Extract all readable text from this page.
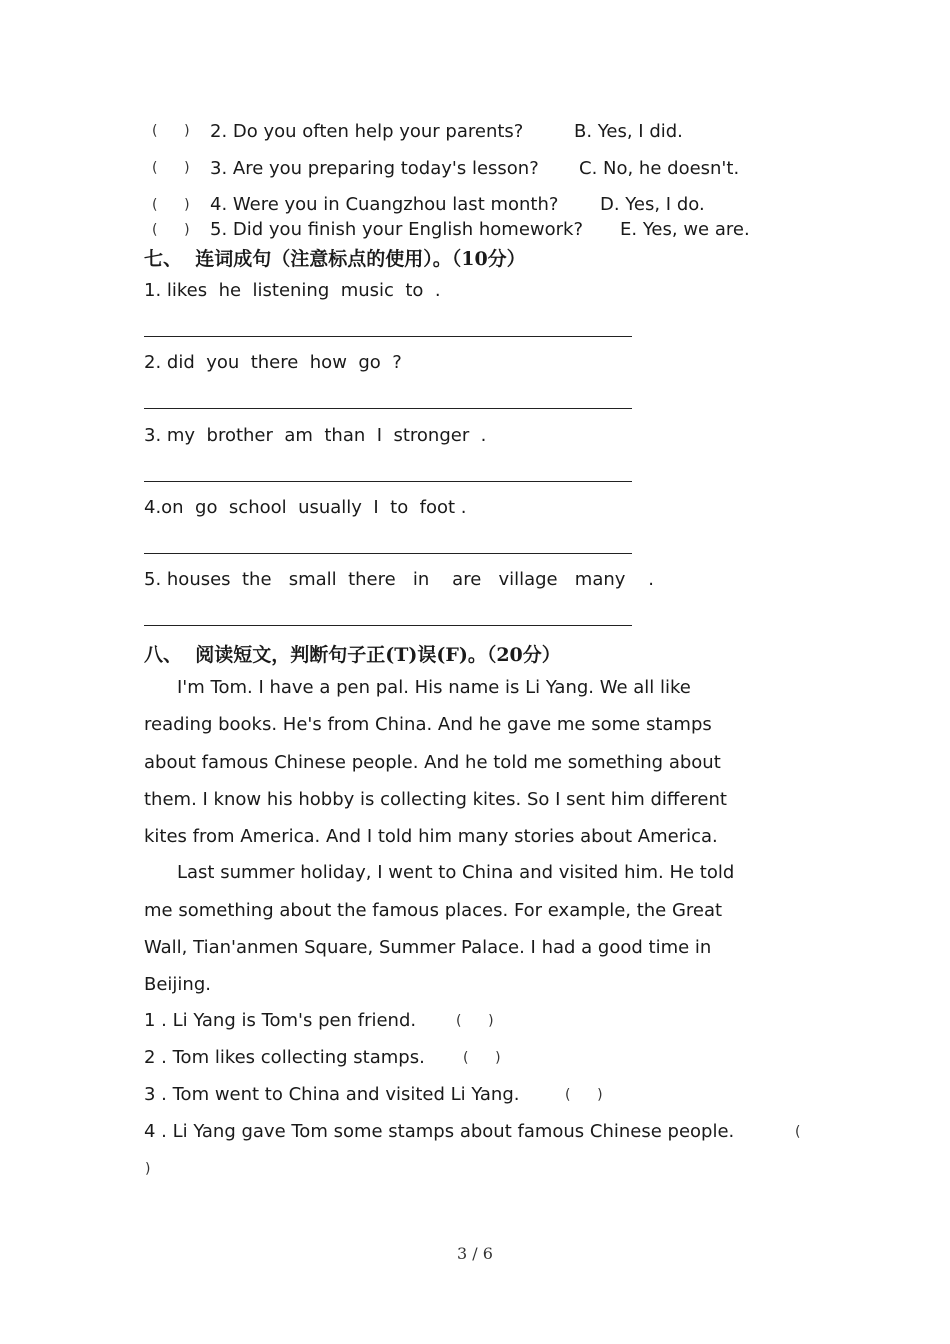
(      ) 2. Do you often help your parents?	B. Yes, I did.
(      ) 3. Are you preparing today's lesson? C. No, he doesn't.
(      ) 4. Were you in Cuangzhou last month? D. Yes, I do.
(      ) 5. Did you finish your English homework? E. Yes, we are.
七、  连词成句（注意标点的使用）。（10分）
1. likes  he  listening  music  to  .
2. did  you  there  how  go  ?
3. my  brother  am  than  I  stronger  .
4.on  go  school  usually  I  to  foot .
5. houses  the   small  there   in    are   village   many    .
八、  阅读短文，判断句子正(T)误(F)。（20分）
I'm Tom. I have a pen pal. His name is Li Yang. We all like
reading books. He's from China. And he gave me some stamps
about famous Chinese people. And he told me something about
them. I know his hobby is collecting kites. So I sent him different
kites from America. And I told him many stories about America.
Last summer holiday, I went to China and visited him. He told
me something about the famous places. For example, the Great
Wall, Tian'anmen Square, Summer Palace. I had a good time in
Beijing.
1 . Li Yang is Tom's pen friend.	(      )
2 . Tom likes collecting stamps.	(      )
3 . Tom went to China and visited Li Yang.	(      )
4 . Li Yang gave Tom some stamps about famous Chinese people.	(
)
3 / 6
